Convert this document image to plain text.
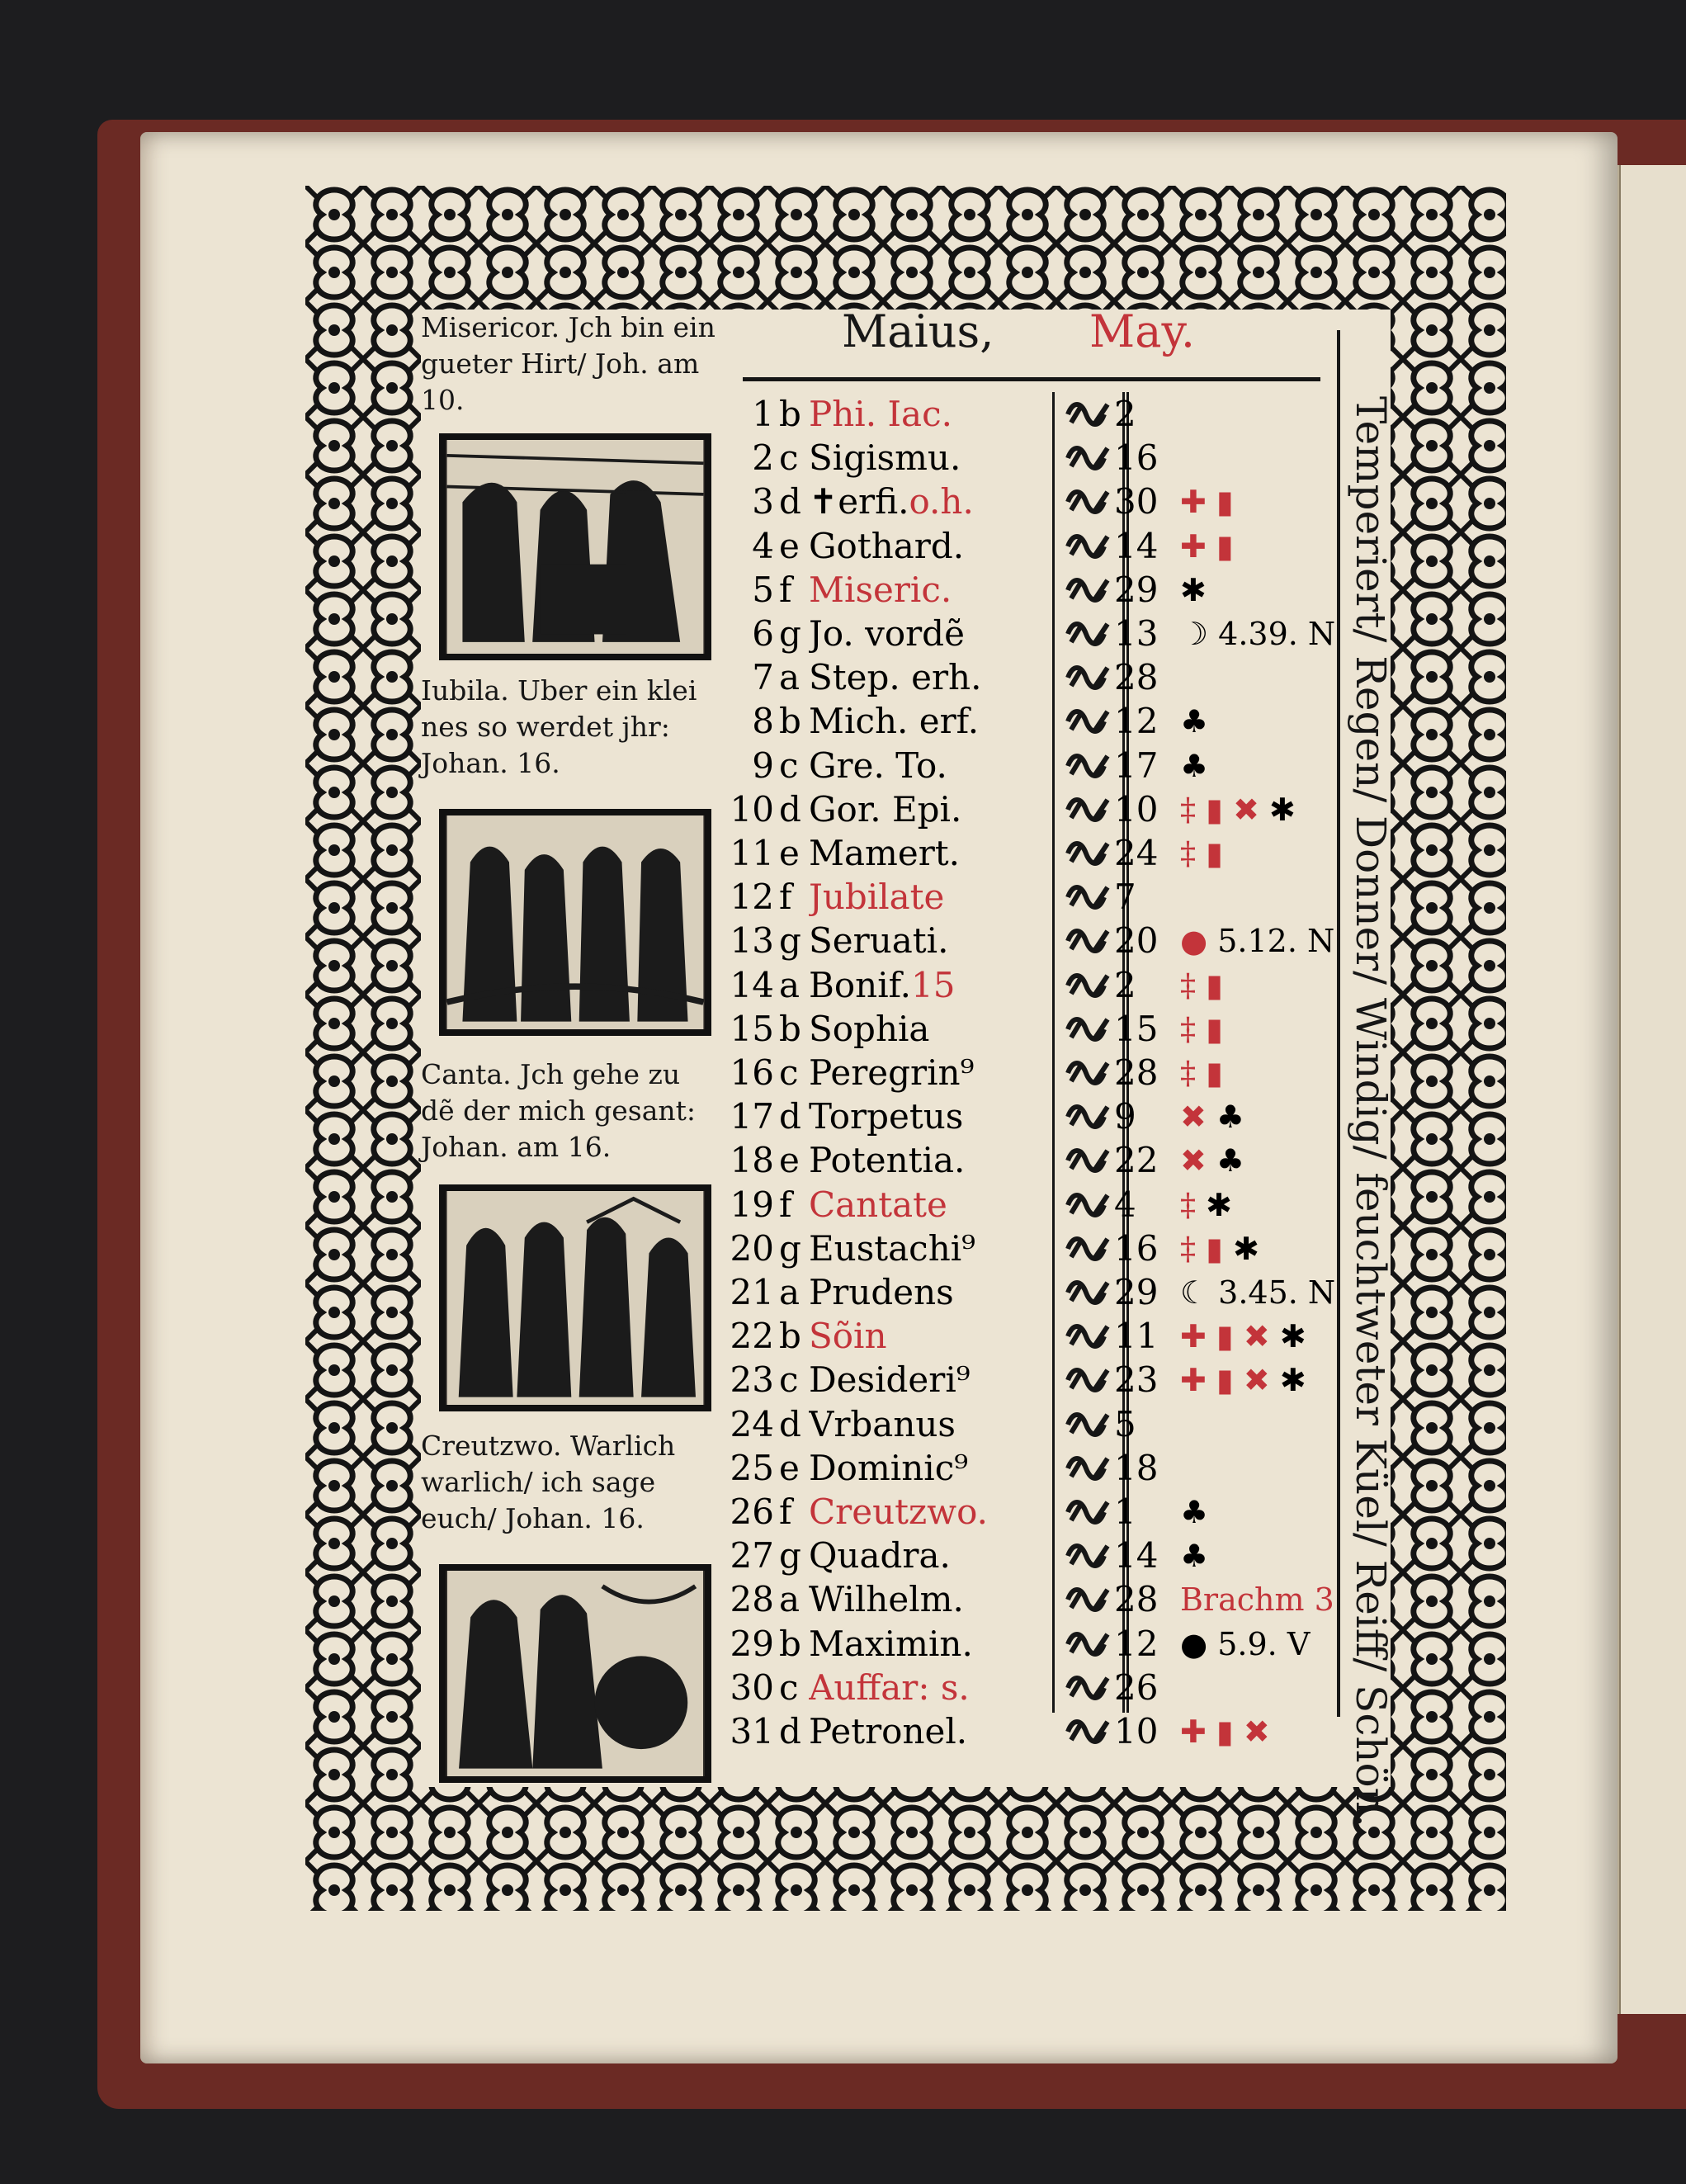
Maius, May.
Misericor. Jch bin ein gueter Hirt/ Joh. am 10.
Iubila. Uber ein klei nes so werdet jhr: Johan. 16.
Canta. Jch gehe zu dẽ der mich gesant: Johan. am 16.
Creutzwo. Warlich warlich/ ich sage euch/ Johan. 16.
1 b Phi. Iac.	2
2 c Sigismu.	16
3 d ✝erfi.o.h.	30 ✚ ▮
4 e Gothard.	14 ✚ ▮
5 f Miseric.	29 ✱
6 g Jo. vordẽ	13 ☽ 4.39. N
7 a Step. erh.	28
8 b Mich. erf.	12 ♣
9 c Gre. To.	17 ♣
10 d Gor. Epi.	10 ‡ ▮ ✖ ✱
11 e Mamert.	24 ‡ ▮
12 f Jubilate	7
13 g Seruati.	20 ● 5.12. N
14 a Bonif.15	2	‡ ▮
15 b Sophia	15 ‡ ▮
16 c Peregrin⁹	28 ‡ ▮
17 d Torpetus	9	✖ ♣
18 e Potentia.	22 ✖ ♣
19 f Cantate	4	‡ ✱
20 g Eustachi⁹	16 ‡ ▮ ✱
21 a Prudens	29 ☾ 3.45. N
22 b Sõin	11 ✚ ▮ ✖ ✱
23 c Desideri⁹	23 ✚ ▮ ✖ ✱
24 d Vrbanus	5
25 e Dominic⁹	18
26 f Creutzwo.	1	♣
27 g Quadra.	14 ♣
28 a Wilhelm.	28 Brachm 3
29 b Maximin.	12 ● 5.9. V
30 c Auffar: s.	26
31 d Petronel.	10 ✚ ▮ ✖	Temperiert/ Regen/ Donner/ Windig/ feuchtweter Küel/ Reiff/ Schön.
